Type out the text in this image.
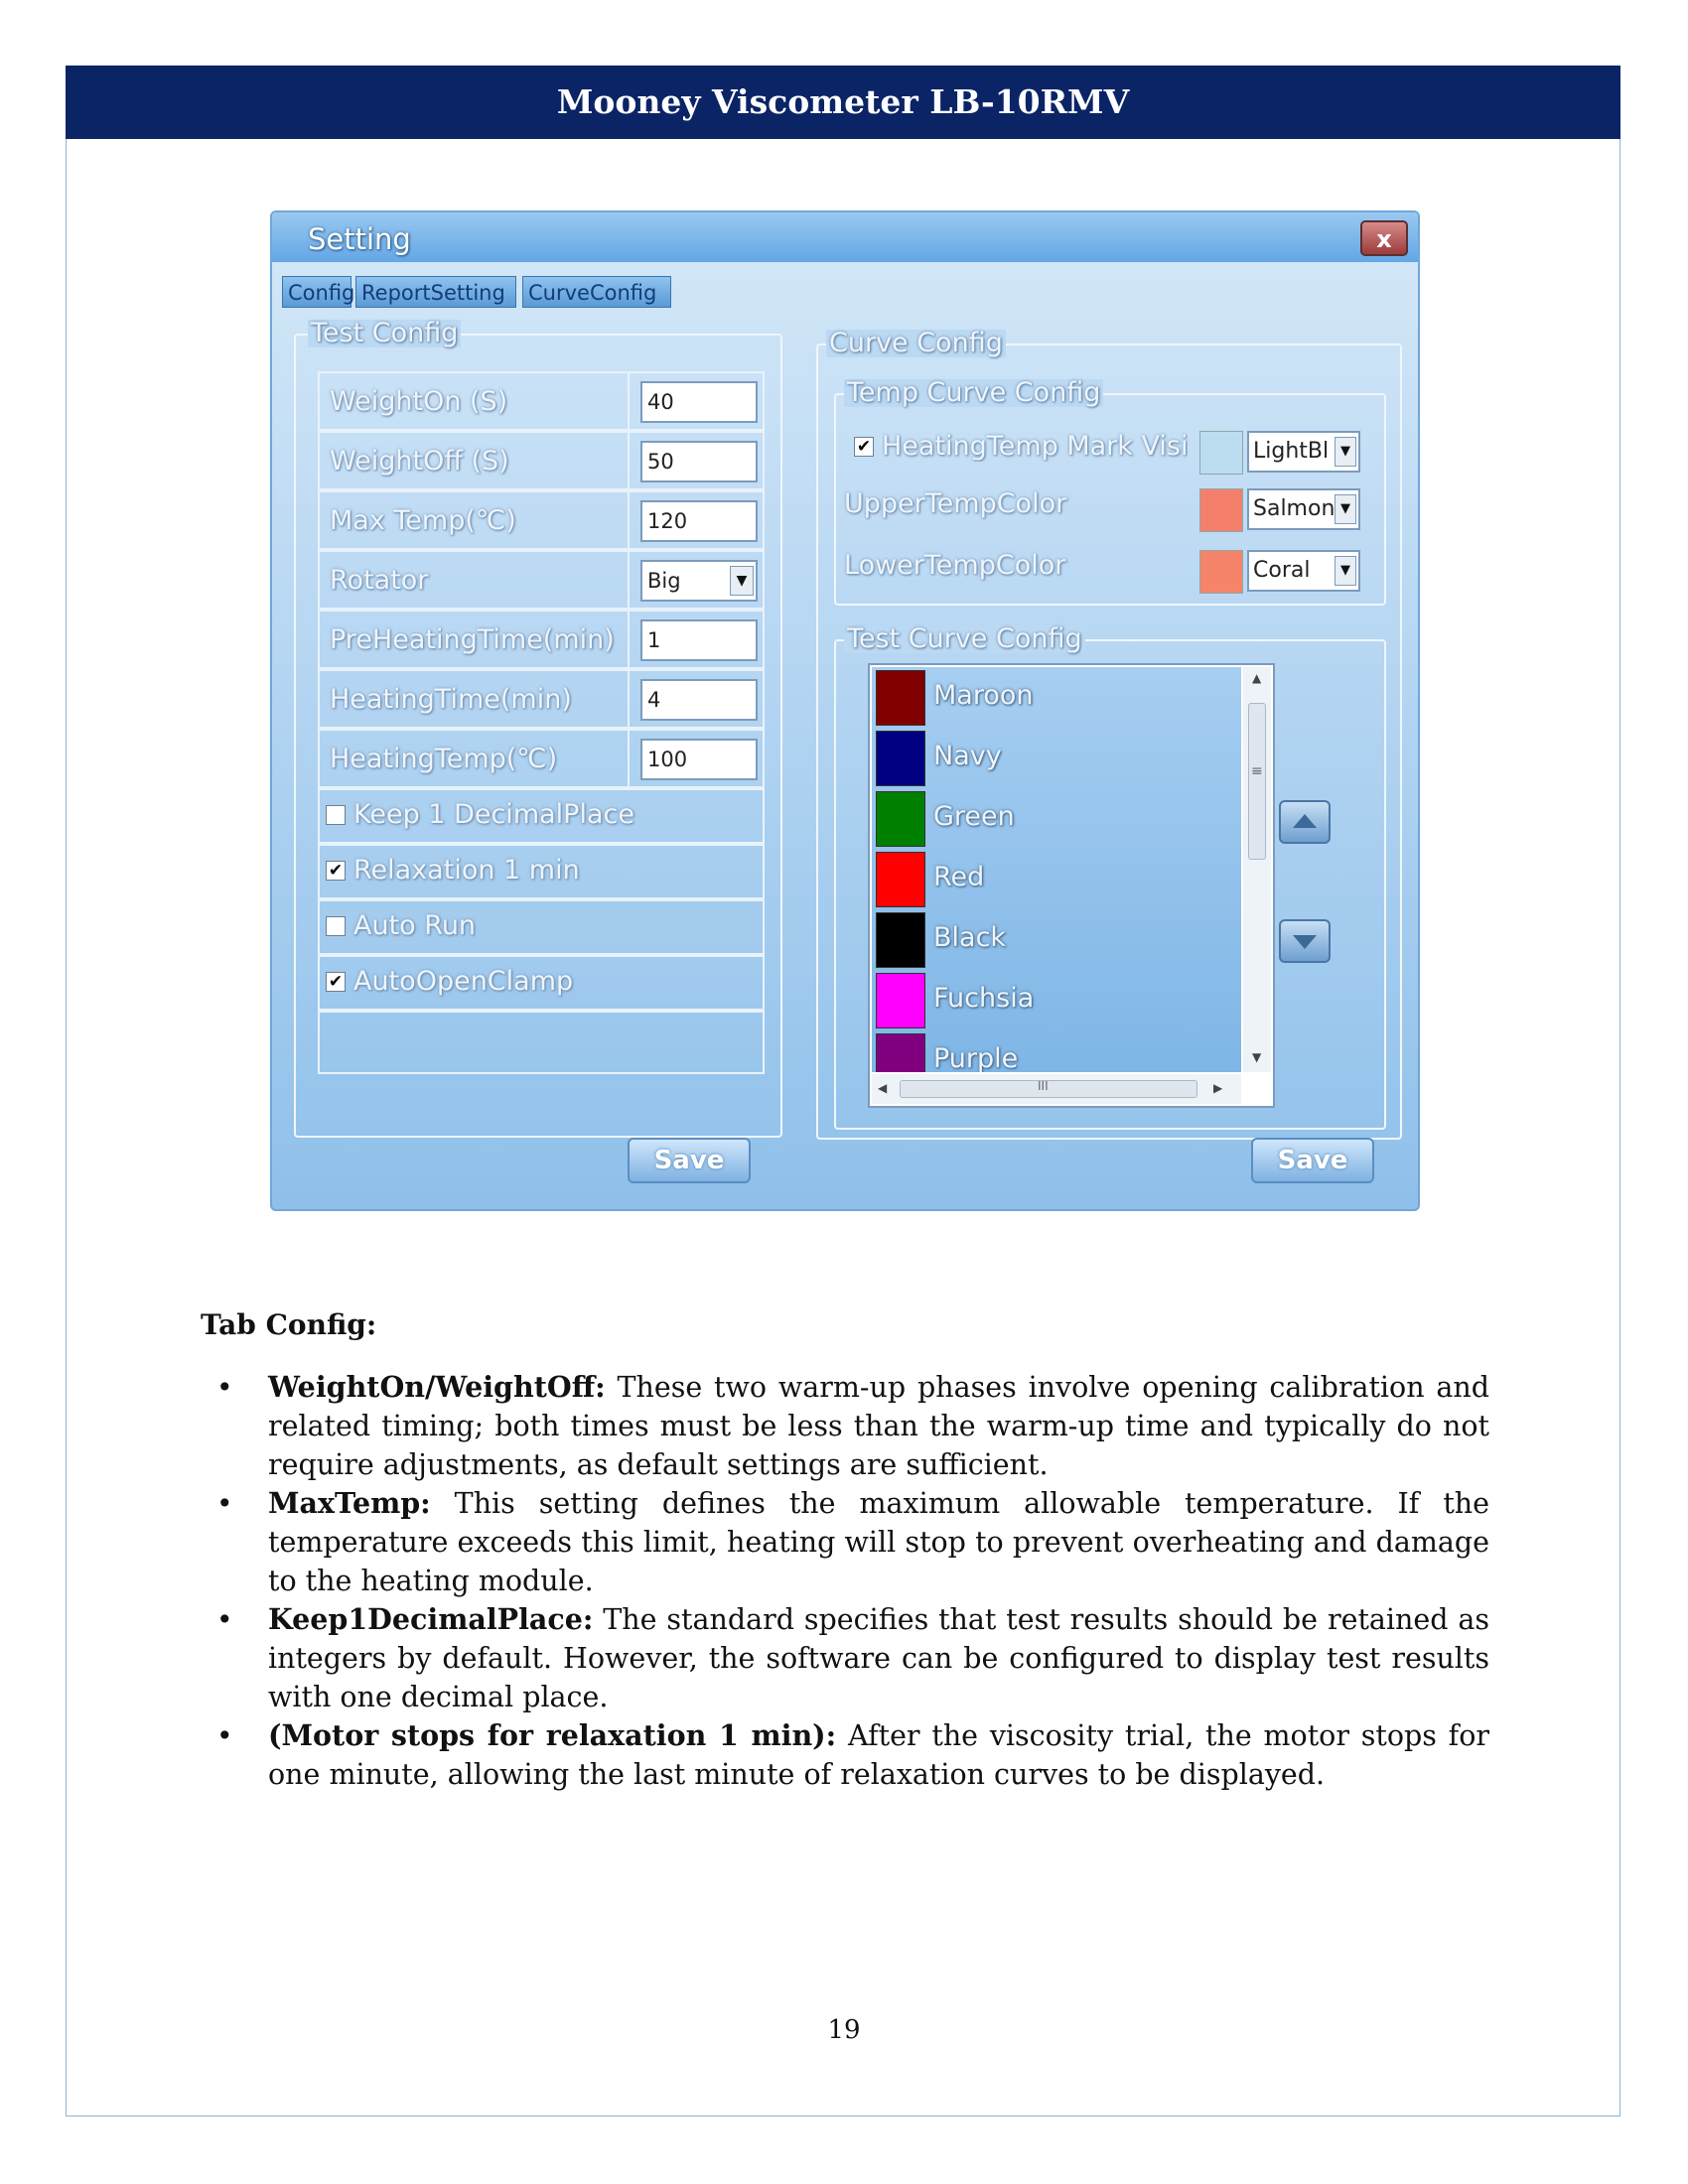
Mooney Viscometer LB-10RMV
Setting	x
Config ReportSetting	CurveConfig
Test Config
WeightOn (S)	40
WeightOff (S)	50
Max Temp(℃)	120
Rotator	Big	▼
PreHeatingTime(min)	1
HeatingTime(min)	4
HeatingTemp(℃)	100
Keep 1 DecimalPlace
✔ Relaxation 1 min
Auto Run
✔ AutoOpenClamp
Save
Curve Config
Temp Curve Config
✔ HeatingTemp Mark Visi	LightBl ▼
UpperTempColor	Salmon ▼
LowerTempColor	Coral	▼
Test Curve Config
Maroon
Navy
Green
Red
Black
Fuchsia
Purple
▲
≡
▼
◀	III	▶
Save
Tab Config:
• WeightOn/WeightOff: These two warm-up phases involve opening calibration and related timing; both times must be less than the warm-up time and typically do not require adjustments, as default settings are sufficient.
• MaxTemp: This setting defines the maximum allowable temperature. If the temperature exceeds this limit, heating will stop to prevent overheating and damage to the heating module.
• Keep1DecimalPlace: The standard specifies that test results should be retained as integers by default. However, the software can be configured to display test results with one decimal place.
• (Motor stops for relaxation 1 min): After the viscosity trial, the motor stops for one minute, allowing the last minute of relaxation curves to be displayed.
19
